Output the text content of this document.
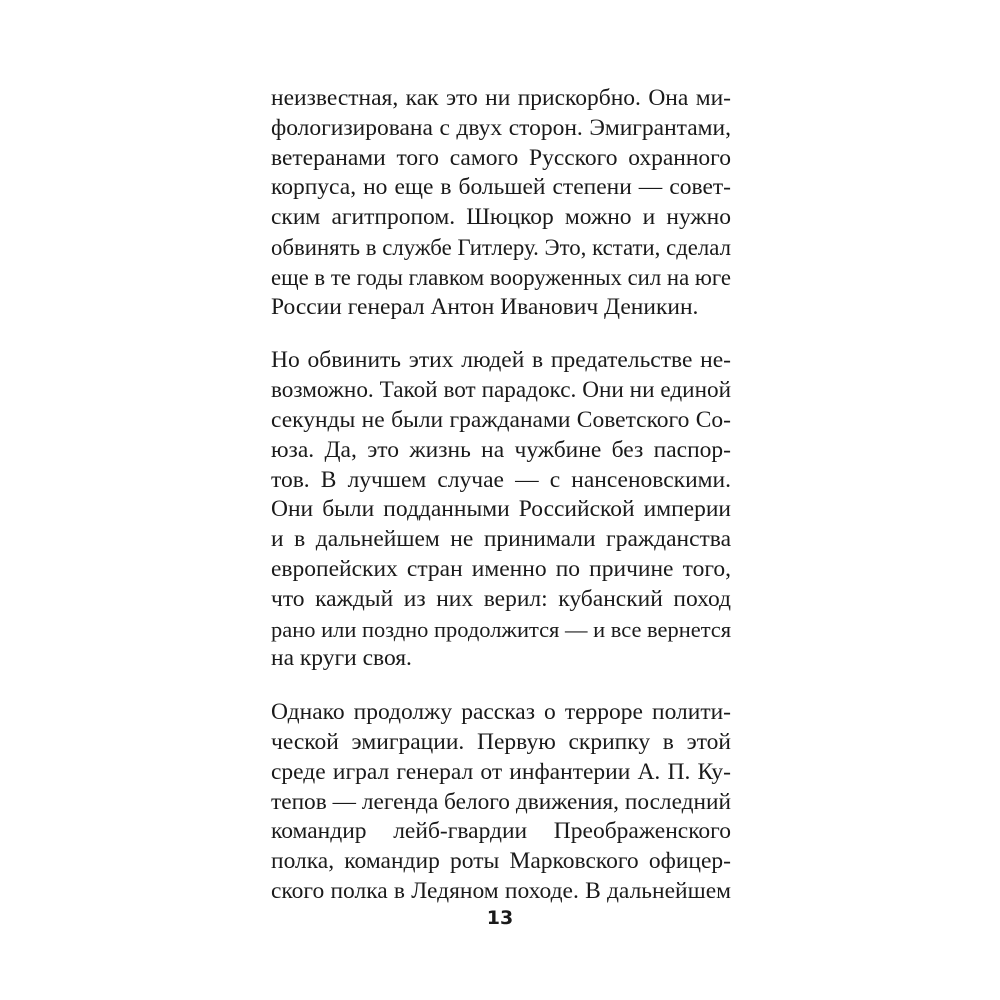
неизвестная, как это ни прискорбно. Она ми-
фологизирована с двух сторон. Эмигрантами,
ветеранами того самого Русского охранного
корпуса, но еще в большей степени — совет-
ским агитпропом. Шюцкор можно и нужно
обвинять в службе Гитлеру. Это, кстати, сделал
еще в те годы главком вооруженных сил на юге
России генерал Антон Иванович Деникин.

Но обвинить этих людей в предательстве не-
возможно. Такой вот парадокс. Они ни единой
секунды не были гражданами Советского Со-
юза. Да, это жизнь на чужбине без паспор-
тов. В лучшем случае — с нансеновскими.
Они были подданными Российской империи
и в дальнейшем не принимали гражданства
европейских стран именно по причине того,
что каждый из них верил: кубанский поход
рано или поздно продолжится — и все вернется
на круги своя.

Однако продолжу рассказ о терроре полити-
ческой эмиграции. Первую скрипку в этой
среде играл генерал от инфантерии А. П. Ку-
тепов — легенда белого движения, последний
командир лейб-гвардии Преображенского
полка, командир роты Марковского офицер-
ского полка в Ледяном походе. В дальнейшем

13
